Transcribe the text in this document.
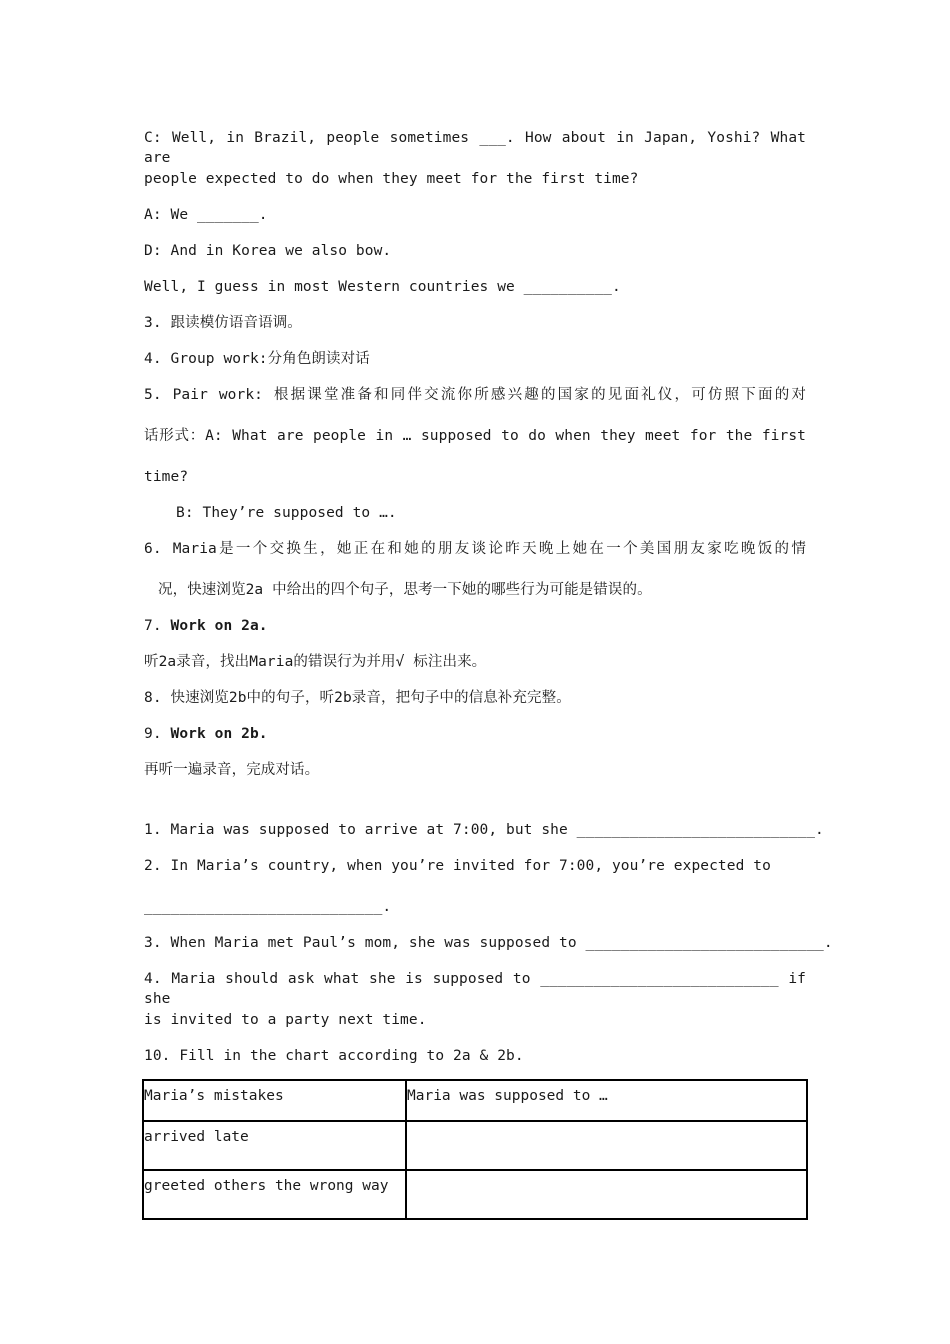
C: Well, in Brazil, people sometimes ___. How about in Japan, Yoshi? What are
people expected to do when they meet for the first time?
A: We _______.
D: And in Korea we also bow.
Well, I guess in most Western countries we __________.
3. 跟读模仿语音语调。
4. Group work:分角色朗读对话
5. Pair work: 根据课堂准备和同伴交流你所感兴趣的国家的见面礼仪，可仿照下面的对
话形式：A: What are people in … supposed to do when they meet for the first
time?
B: They’re supposed to ….
6. Maria是一个交换生，她正在和她的朋友谈论昨天晚上她在一个美国朋友家吃晚饭的情
况，快速浏览2a 中给出的四个句子，思考一下她的哪些行为可能是错误的。
7. Work on 2a.
听2a录音，找出Maria的错误行为并用√ 标注出来。
8. 快速浏览2b中的句子，听2b录音，把句子中的信息补充完整。
9. Work on 2b.
再听一遍录音，完成对话。
1. Maria was supposed to arrive at 7:00, but she ___________________________.
2. In Maria’s country, when you’re invited for 7:00, you’re expected to
___________________________.
3. When Maria met Paul’s mom, she was supposed to ___________________________.
4. Maria should ask what she is supposed to ___________________________ if she
is invited to a party next time.
10. Fill in the chart according to 2a & 2b.
Maria’s mistakes	Maria was supposed to …
arrived late	
greeted others the wrong way	
